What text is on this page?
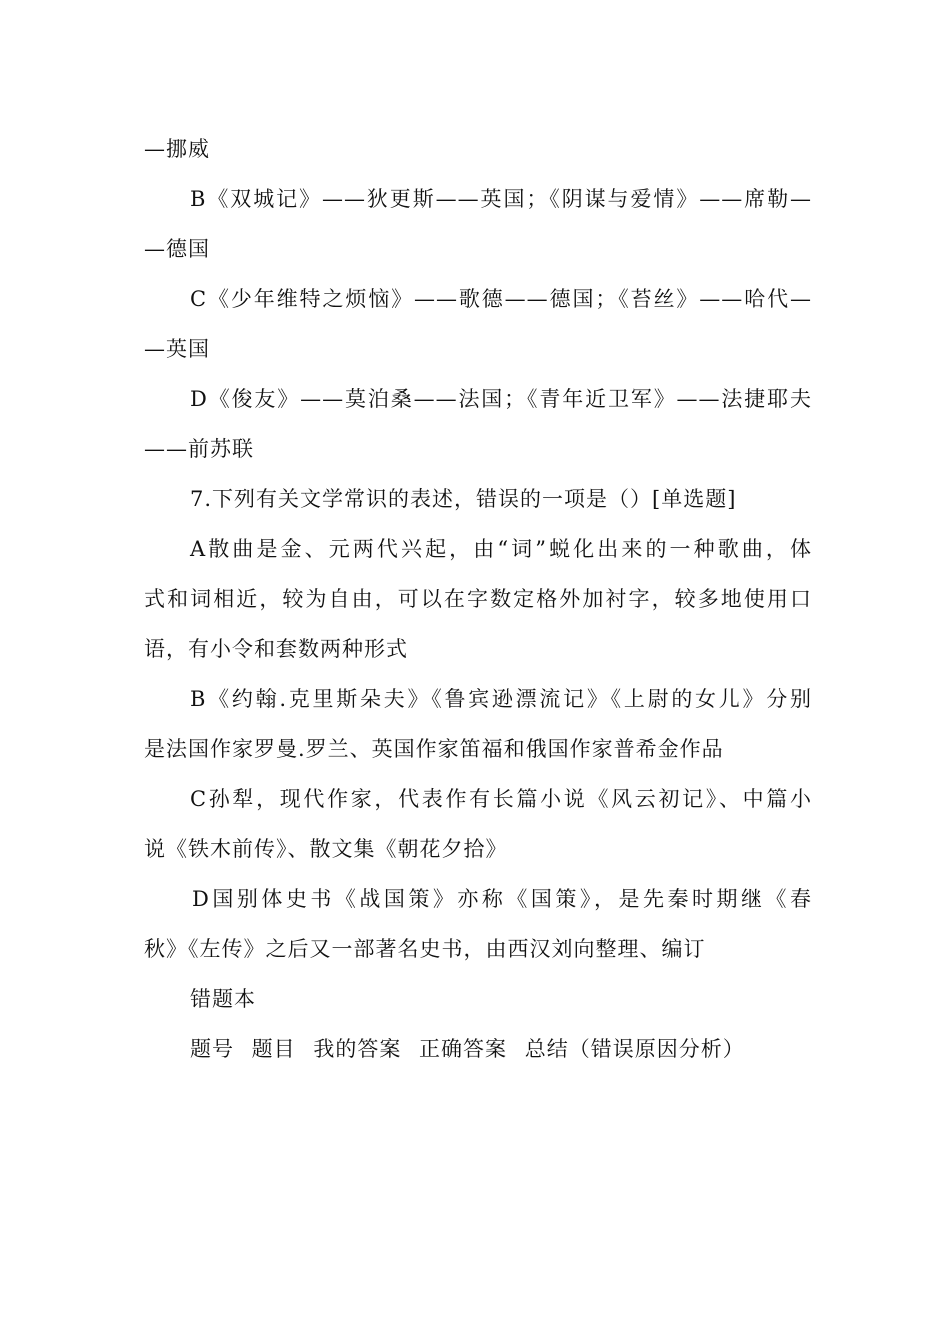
—挪威
B《双城记》——狄更斯——英国；《阴谋与爱情》——席勒—
—德国
C《少年维特之烦恼》——歌德——德国；《苔丝》——哈代—
—英国
D《俊友》——莫泊桑——法国；《青年近卫军》——法捷耶夫
——前苏联
7.下列有关文学常识的表述，错误的一项是（）[单选题]
A散曲是金、元两代兴起，由“词”蜕化出来的一种歌曲，体
式和词相近，较为自由，可以在字数定格外加衬字，较多地使用口
语，有小令和套数两种形式
B《约翰.克里斯朵夫》《鲁宾逊漂流记》《上尉的女儿》分别
是法国作家罗曼.罗兰、英国作家笛福和俄国作家普希金作品
C孙犁，现代作家，代表作有长篇小说《风云初记》、中篇小
说《铁木前传》、散文集《朝花夕拾》
D国别体史书《战国策》亦称《国策》，是先秦时期继《春
秋》《左传》之后又一部著名史书，由西汉刘向整理、编订
错题本
题号 题目 我的答案 正确答案 总结（错误原因分析）
